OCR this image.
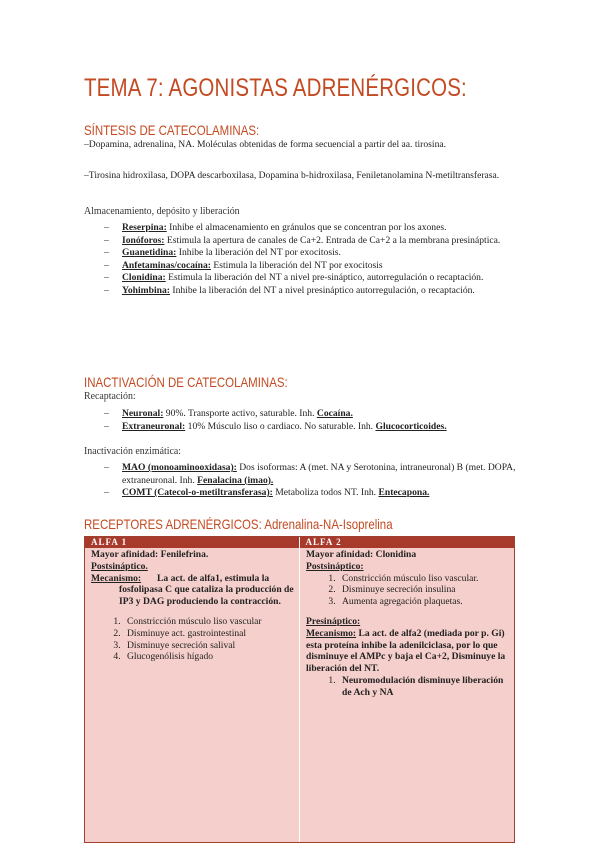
TEMA 7: AGONISTAS ADRENÉRGICOS:
SÍNTESIS DE CATECOLAMINAS:
–Dopamina, adrenalina, NA. Moléculas obtenidas de forma secuencial a partir del aa. tirosina.
–Tirosina hidroxilasa, DOPA descarboxilasa, Dopamina b-hidroxilasa, Feniletanolamina N-metiltransferasa.
Almacenamiento, depósito y liberación
– Reserpina: Inhibe el almacenamiento en gránulos que se concentran por los axones.
– Ionóforos: Estimula la apertura de canales de Ca+2. Entrada de Ca+2 a la membrana presináptica.
– Guanetidina: Inhibe la liberación del NT por exocitosis.
– Anfetaminas/cocaína: Estimula la liberación del NT por exocitosis
– Clonidina: Estimula la liberación del NT a nivel pre-sináptico, autorregulación o recaptación.
– Yohimbina: Inhibe la liberación del NT a nivel presináptico autorregulación, o recaptación.
INACTIVACIÓN DE CATECOLAMINAS:
Recaptación:
– Neuronal: 90%. Transporte activo, saturable. Inh. Cocaína.
– Extraneuronal: 10% Músculo liso o cardiaco. No saturable. Inh. Glucocorticoides.
Inactivación enzimática:
– MAO (monoaminooxidasa): Dos isoformas: A (met. NA y Serotonina, intraneuronal) B (met. DOPA, extraneuronal. Inh. Fenalacina (imao).
– COMT (Catecol-o-metiltransferasa): Metaboliza todos NT. Inh. Entecapona.
RECEPTORES ADRENÉRGICOS: Adrenalina-NA-Isoprelina
ALFA 1	ALFA 2
Mayor afinidad: Fenilefrina.
Postsináptico.
Mecanismo:	La act. de alfa1, estimula la fosfolipasa C que cataliza la producción de IP3 y DAG produciendo la contracción.
1. Constricción músculo liso vascular
2. Disminuye act. gastrointestinal
3. Disminuye secreción salival
4. Glucogenólisis hígado
Mayor afinidad: Clonidina
Postsináptico:
1. Constricción músculo liso vascular.
2. Disminuye secreción insulina
3. Aumenta agregación plaquetas.
Presináptico:
Mecanismo: La act. de alfa2 (mediada por p. Gi) esta proteína inhibe la adenilciclasa, por lo que disminuye el AMPc y baja el Ca+2, Disminuye la liberación del NT.
1. Neuromodulación disminuye liberación de Ach y NA
